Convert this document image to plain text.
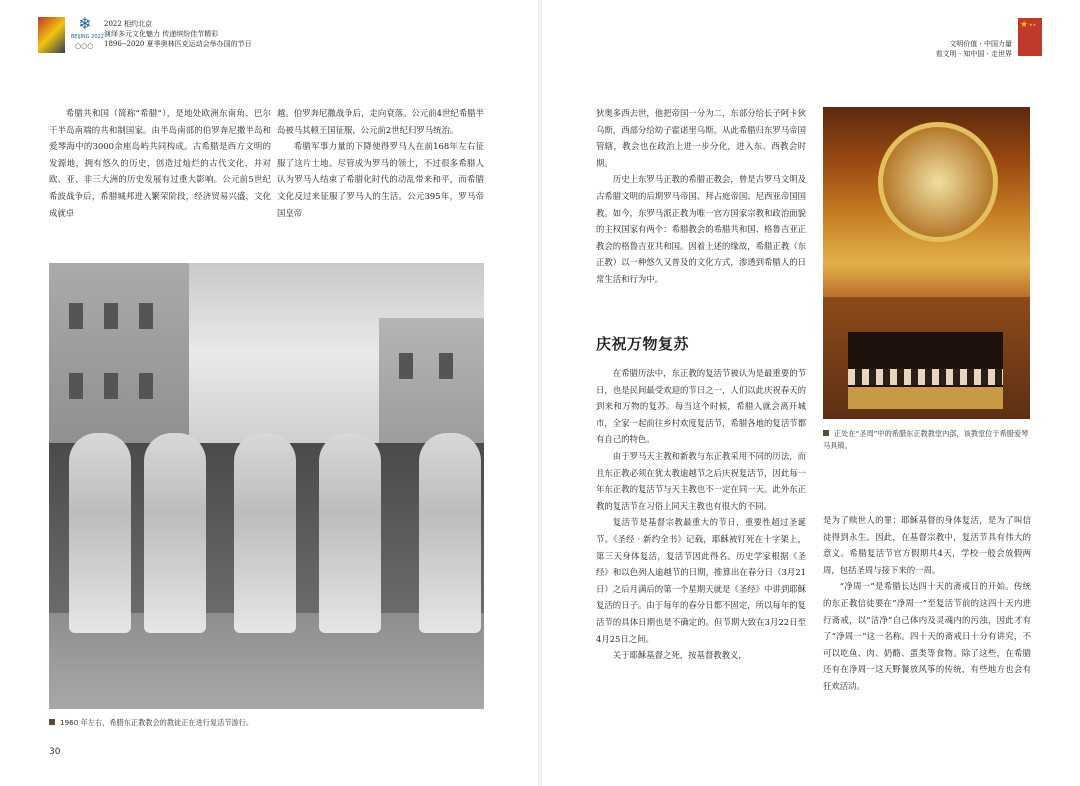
❄
BEIJING 2022
○○○
2022 相约北京
演绎多元文化魅力 传递缤纷佳节精彩
1896--2020 夏季奥林匹克运动会举办国的节日	文明价值 · 中国力量
看文明 · 知中国 · 走世界
★ ★★

希腊共和国（简称“希腊”），是地处欧洲东南角、巴尔干半岛南端的共和制国家。由半岛南部的伯罗奔尼撒半岛和爱琴海中的3000余座岛屿共同构成。古希腊是西方文明的发源地，拥有悠久的历史，创造过灿烂的古代文化，并对欧、亚、非三大洲的历史发展有过重大影响。公元前5世纪希波战争后，希腊城邦进入繁荣阶段，经济贸易兴盛，文化成就卓

越。伯罗奔尼撒战争后，走向衰落。公元前4世纪希腊半岛被马其顿王国征服，公元前2世纪归罗马统治。

希腊军事力量的下降使得罗马人在前168年左右征服了这片土地。尽管成为罗马的领土，不过很多希腊人认为罗马人结束了希腊化时代的动乱带来和平，而希腊文化反过来征服了罗马人的生活。公元395年，罗马帝国皇帝

1960 年左右，希腊东正教教会的教徒正在进行复活节游行。
30

狄奥多西去世，他把帝国一分为二，东部分给长子阿卡狄乌斯，西部分给幼子霍诺里乌斯。从此希腊归东罗马帝国管辖，教会也在政治上进一步分化，进入东、西教会时期。

历史上东罗马正教的希腊正教会，曾是古罗马文明及古希腊文明的后期罗马帝国、拜占庭帝国、尼西亚帝国国教。如今，东罗马派正教为唯一官方国家宗教和政治面貌的主权国家有两个：希腊教会的希腊共和国、格鲁吉亚正教会的格鲁吉亚共和国。因着上述的缘故，希腊正教（东正教）以一种悠久又普及的文化方式，渗透到希腊人的日常生活和行为中。

庆祝万物复苏

在希腊历法中，东正教的复活节被认为是最重要的节日，也是民间最受欢迎的节日之一，人们以此庆祝春天的到来和万物的复苏。每当这个时候，希腊人就会离开城市，全家一起前往乡村欢度复活节，希腊各地的复活节都有自己的特色。

由于罗马天主教和新教与东正教采用不同的历法，而且东正教必须在犹太教逾越节之后庆祝复活节，因此每一年东正教的复活节与天主教也不一定在同一天。此外东正教的复活节在习俗上同天主教也有很大的不同。

复活节是基督宗教最重大的节日，重要性超过圣诞节。《圣经 · 新约全书》记载，耶稣被钉死在十字架上，第三天身体复活，复活节因此得名。历史学家根据《圣经》和以色列人逾越节的日期，推算出在春分日（3月21日）之后月满后的第一个星期天就是《圣经》中讲到耶稣复活的日子。由于每年的春分日都不固定，所以每年的复活节的具体日期也是不确定的。但节期大致在3月22日至4月25日之间。

关于耶稣基督之死，按基督教教义，

正处在“圣周”中的希腊东正教教堂内部，该教堂位于希腊爱琴马具镇。

是为了赎世人的罪；耶稣基督的身体复活，是为了叫信徒得到永生。因此，在基督宗教中，复活节具有伟大的意义。希腊复活节官方假期共4天，学校一般会放假两周，包括圣周与接下来的一周。

“净周一”是希腊长达四十天的斋戒日的开始。传统的东正教信徒要在“净周一”至复活节前的这四十天内进行斋戒，以“洁净”自己体内及灵魂内的污浊，因此才有了“净周一”这一名称。四十天的斋戒日十分有讲究，不可以吃鱼、肉、奶酪、蛋类等食物。除了这些，在希腊还有在净周一这天野餐放风筝的传统，有些地方也会有狂欢活动。
